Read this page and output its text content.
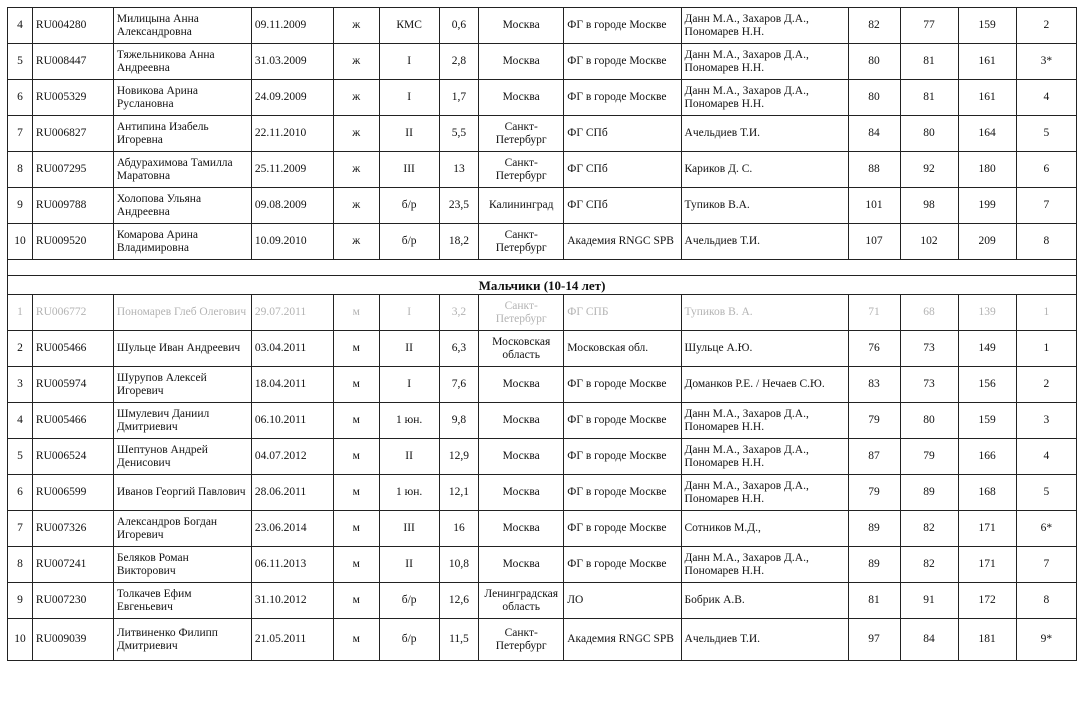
4	RU004280	Милицына Анна Александровна	09.11.2009	ж	КМС	0,6	Москва	ФГ в городе Москве	Данн М.А., Захаров Д.А., Пономарев Н.Н.	82	77	159	2
5	RU008447	Тяжельникова Анна Андреевна	31.03.2009	ж	I	2,8	Москва	ФГ в городе Москве	Данн М.А., Захаров Д.А., Пономарев Н.Н.	80	81	161	3*
6	RU005329	Новикова Арина Руслановна	24.09.2009	ж	I	1,7	Москва	ФГ в городе Москве	Данн М.А., Захаров Д.А., Пономарев Н.Н.	80	81	161	4
7	RU006827	Антипина Изабель Игоревна	22.11.2010	ж	II	5,5	Санкт-Петербург	ФГ СПб	Ачельдиев Т.И.	84	80	164	5
8	RU007295	Абдурахимова Тамилла Маратовна	25.11.2009	ж	III	13	Санкт-Петербург	ФГ СПб	Кариков Д. С.	88	92	180	6
9	RU009788	Холопова Ульяна Андреевна	09.08.2009	ж	б/р	23,5	Калининград	ФГ СПб	Тупиков В.А.	101	98	199	7
10	RU009520	Комарова Арина Владимировна	10.09.2010	ж	б/р	18,2	Санкт-Петербург	Академия RNGC SPB	Ачельдиев Т.И.	107	102	209	8

Мальчики (10-14 лет)													
1	RU006772	Пономарев Глеб Олегович	29.07.2011	м	I	3,2	Санкт-Петербург	ФГ СПБ	Тупиков В. А.	71	68	139	1
2	RU005466	Шульце Иван Андреевич	03.04.2011	м	II	6,3	Московская область	Московская обл.	Шульце А.Ю.	76	73	149	1
3	RU005974	Шурупов Алексей Игоревич	18.04.2011	м	I	7,6	Москва	ФГ в городе Москве	Доманков Р.Е. / Нечаев С.Ю.	83	73	156	2
4	RU005466	Шмулевич Даниил Дмитриевич	06.10.2011	м	1 юн.	9,8	Москва	ФГ в городе Москве	Данн М.А., Захаров Д.А., Пономарев Н.Н.	79	80	159	3
5	RU006524	Шептунов Андрей Денисович	04.07.2012	м	II	12,9	Москва	ФГ в городе Москве	Данн М.А., Захаров Д.А., Пономарев Н.Н.	87	79	166	4
6	RU006599	Иванов Георгий Павлович	28.06.2011	м	1 юн.	12,1	Москва	ФГ в городе Москве	Данн М.А., Захаров Д.А., Пономарев Н.Н.	79	89	168	5
7	RU007326	Александров Богдан Игоревич	23.06.2014	м	III	16	Москва	ФГ в городе Москве	Сотников М.Д.,	89	82	171	6*
8	RU007241	Беляков Роман Викторович	06.11.2013	м	II	10,8	Москва	ФГ в городе Москве	Данн М.А., Захаров Д.А., Пономарев Н.Н.	89	82	171	7
9	RU007230	Толкачев Ефим Евгеньевич	31.10.2012	м	б/р	12,6	Ленинградская область	ЛО	Бобрик А.В.	81	91	172	8
10	RU009039	Литвиненко Филипп Дмитриевич	21.05.2011	м	б/р	11,5	Санкт-Петербург	Академия RNGC SPB	Ачельдиев Т.И.	97	84	181	9*
